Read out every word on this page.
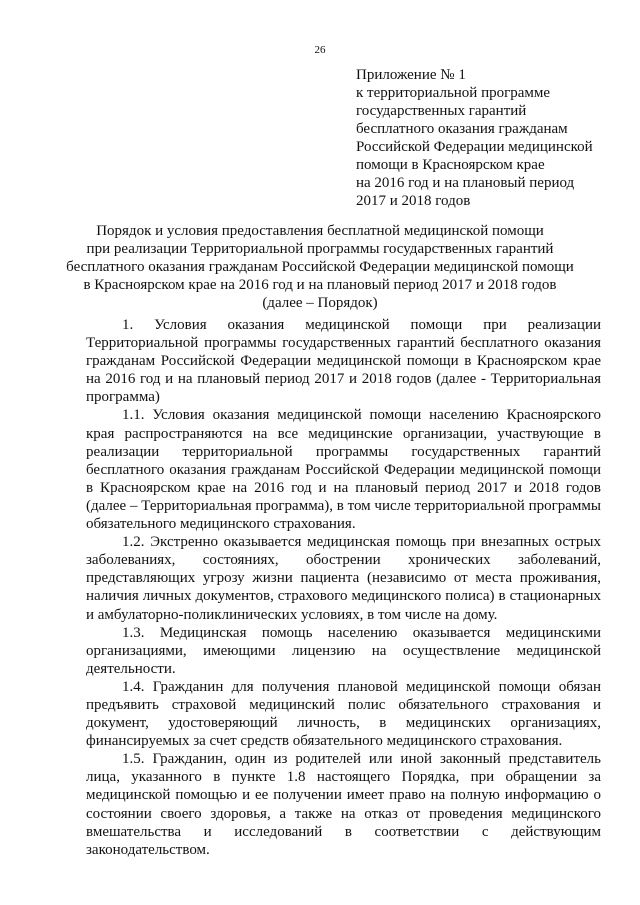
26
Приложение № 1
к территориальной программе
государственных гарантий
бесплатного оказания гражданам
Российской Федерации медицинской
помощи в Красноярском крае
на 2016 год и на плановый период
2017 и 2018 годов
Порядок и условия предоставления бесплатной медицинской помощи
при реализации Территориальной программы государственных гарантий
бесплатного оказания гражданам Российской Федерации медицинской помощи
в Красноярском крае на 2016 год и на плановый период 2017 и 2018 годов
(далее – Порядок)

1. Условия оказания медицинской помощи при реализации Территориальной программы государственных гарантий бесплатного оказания гражданам Российской Федерации медицинской помощи в Красноярском крае на 2016 год и на плановый период 2017 и 2018 годов (далее - Территориальная программа)

1.1. Условия оказания медицинской помощи населению Красноярского края распространяются на все медицинские организации, участвующие в реализации территориальной программы государственных гарантий бесплатного оказания гражданам Российской Федерации медицинской помощи в Красноярском крае на 2016 год и на плановый период 2017 и 2018 годов (далее – Территориальная программа), в том числе территориальной программы обязательного медицинского страхования.

1.2. Экстренно оказывается медицинская помощь при внезапных острых заболеваниях, состояниях, обострении хронических заболеваний, представляющих угрозу жизни пациента (независимо от места проживания, наличия личных документов, страхового медицинского полиса) в стационарных и амбулаторно-поликлинических условиях, в том числе на дому.

1.3. Медицинская помощь населению оказывается медицинскими организациями, имеющими лицензию на осуществление медицинской деятельности.

1.4. Гражданин для получения плановой медицинской помощи обязан предъявить страховой медицинский полис обязательного страхования и документ, удостоверяющий личность, в медицинских организациях, финансируемых за счет средств обязательного медицинского страхования.

1.5. Гражданин, один из родителей или иной законный представитель лица, указанного в пункте 1.8 настоящего Порядка, при обращении за медицинской помощью и ее получении имеет право на полную информацию о состоянии своего здоровья, а также на отказ от проведения медицинского вмешательства и исследований в соответствии с действующим законодательством.
